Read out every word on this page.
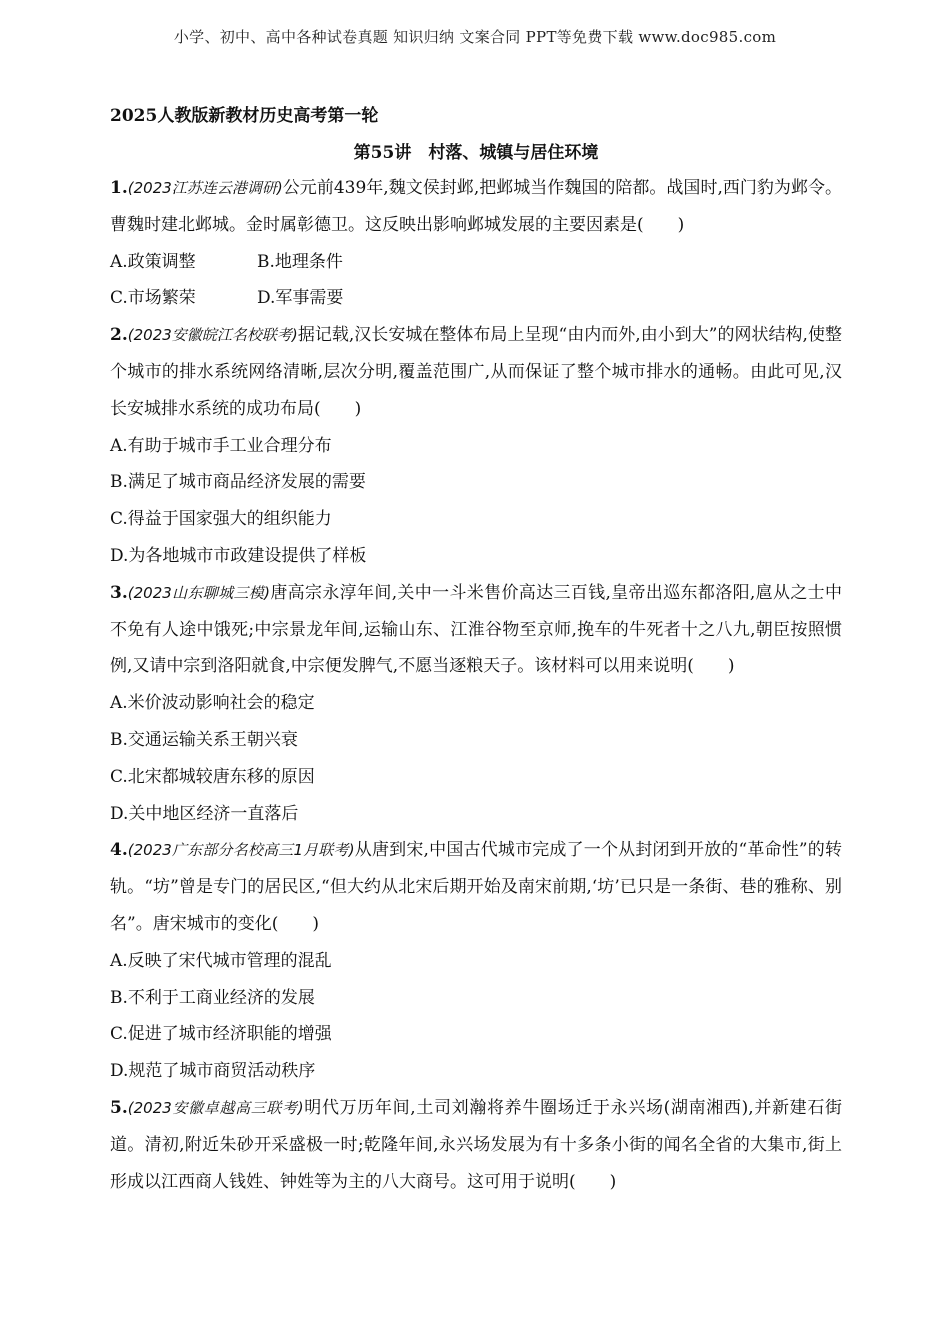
小学、初中、高中各种试卷真题 知识归纳 文案合同 PPT等免费下载 www.doc985.com
2025人教版新教材历史高考第一轮
第55讲　村落、城镇与居住环境
1.(2023江苏连云港调研)公元前439年,魏文侯封邺,把邺城当作魏国的陪都。战国时,西门豹为邺令。曹魏时建北邺城。金时属彰德卫。这反映出影响邺城发展的主要因素是(　　)
A.政策调整	B.地理条件
C.市场繁荣	D.军事需要
2.(2023安徽皖江名校联考)据记载,汉长安城在整体布局上呈现“由内而外,由小到大”的网状结构,使整个城市的排水系统网络清晰,层次分明,覆盖范围广,从而保证了整个城市排水的通畅。由此可见,汉长安城排水系统的成功布局(　　)
A.有助于城市手工业合理分布
B.满足了城市商品经济发展的需要
C.得益于国家强大的组织能力
D.为各地城市市政建设提供了样板
3.(2023山东聊城三模)唐高宗永淳年间,关中一斗米售价高达三百钱,皇帝出巡东都洛阳,扈从之士中不免有人途中饿死;中宗景龙年间,运输山东、江淮谷物至京师,挽车的牛死者十之八九,朝臣按照惯例,又请中宗到洛阳就食,中宗便发脾气,不愿当逐粮天子。该材料可以用来说明(　　)
A.米价波动影响社会的稳定
B.交通运输关系王朝兴衰
C.北宋都城较唐东移的原因
D.关中地区经济一直落后
4.(2023广东部分名校高三1月联考)从唐到宋,中国古代城市完成了一个从封闭到开放的“革命性”的转轨。“坊”曾是专门的居民区,“但大约从北宋后期开始及南宋前期,‘坊’已只是一条街、巷的雅称、别名”。唐宋城市的变化(　　)
A.反映了宋代城市管理的混乱
B.不利于工商业经济的发展
C.促进了城市经济职能的增强
D.规范了城市商贸活动秩序
5.(2023安徽卓越高三联考)明代万历年间,土司刘瀚将养牛圈场迁于永兴场(湖南湘西),并新建石街道。清初,附近朱砂开采盛极一时;乾隆年间,永兴场发展为有十多条小街的闻名全省的大集市,街上形成以江西商人钱姓、钟姓等为主的八大商号。这可用于说明(　　)
